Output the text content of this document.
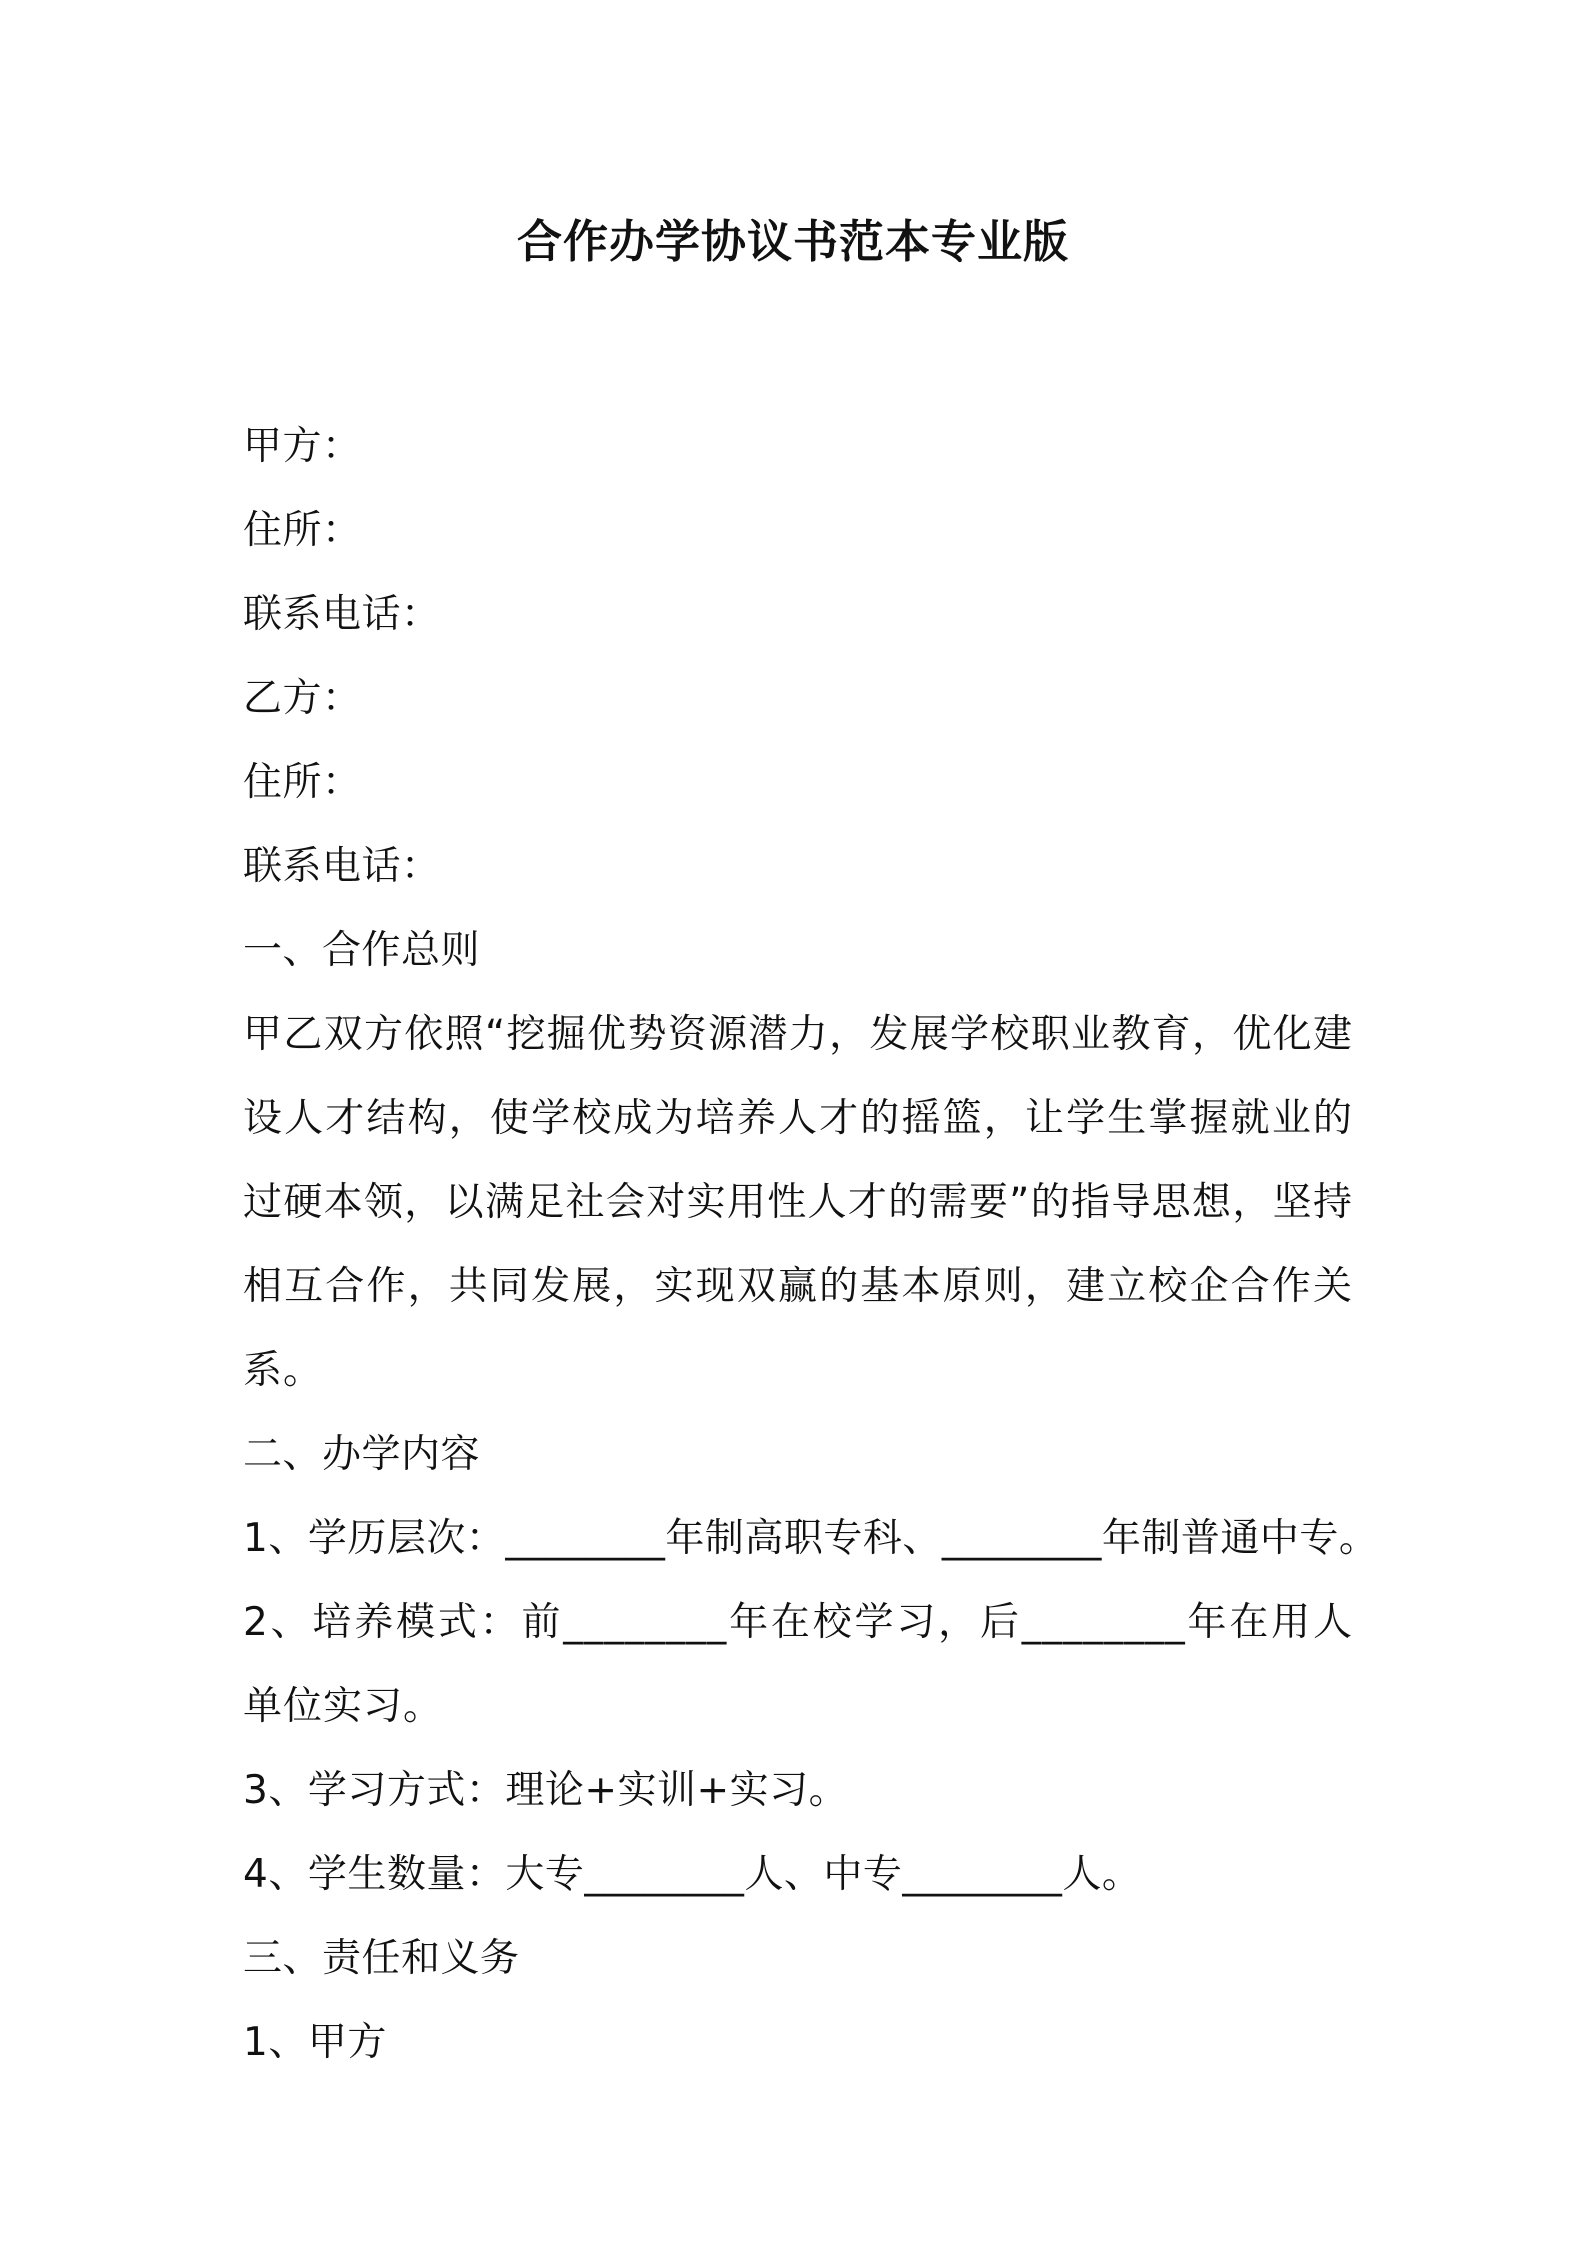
合作办学协议书范本专业版

甲方：

住所：

联系电话：

乙方：

住所：

联系电话：

一、合作总则

甲乙双方依照“挖掘优势资源潜力，发展学校职业教育，优化建设人才结构，使学校成为培养人才的摇篮，让学生掌握就业的过硬本领，以满足社会对实用性人才的需要”的指导思想，坚持相互合作，共同发展，实现双赢的基本原则，建立校企合作关系。

二、办学内容

1、学历层次：________年制高职专科、________年制普通中专。

2、培养模式：前________年在校学习，后________年在用人单位实习。

3、学习方式：理论+实训+实习。

4、学生数量：大专________人、中专________人。

三、责任和义务

1、甲方
